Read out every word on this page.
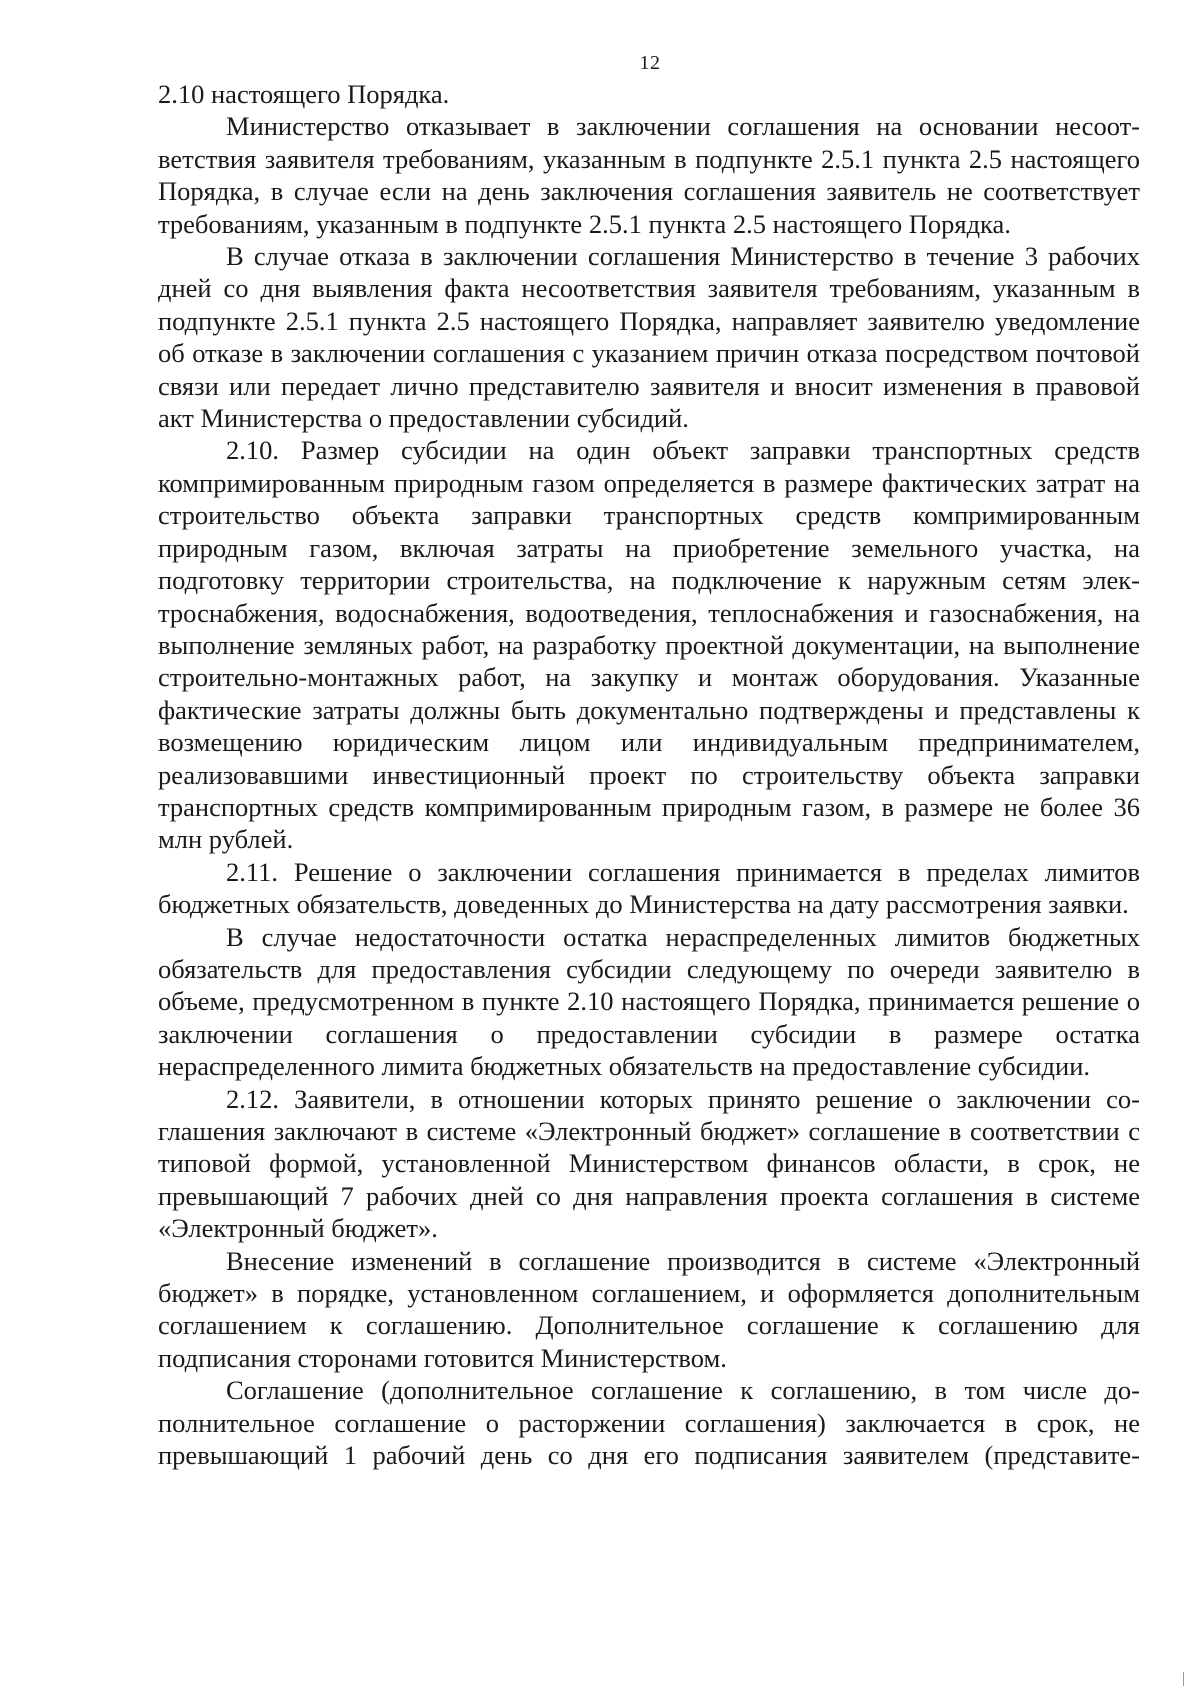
12

2.10 настоящего Порядка.

Министерство отказывает в заключении соглашения на основании несоответствия заявителя требованиям, указанным в подпункте 2.5.1 пункта 2.5 настоящего Порядка, в случае если на день заключения соглашения заявитель не соответствует требованиям, указанным в подпункте 2.5.1 пункта 2.5 настоящего Порядка.

В случае отказа в заключении соглашения Министерство в течение 3 рабочих дней со дня выявления факта несоответствия заявителя требованиям, указанным в подпункте 2.5.1 пункта 2.5 настоящего Порядка, направляет заявителю уведомление об отказе в заключении соглашения с указанием причин отказа посредством почтовой связи или передает лично представителю заявителя и вносит изменения в правовой акт Министерства о предоставлении субсидий.

2.10. Размер субсидии на один объект заправки транспортных средств компримированным природным газом определяется в размере фактических затрат на строительство объекта заправки транспортных средств компримированным природным газом, включая затраты на приобретение земельного участка, на подготовку территории строительства, на подключение к наружным сетям электроснабжения, водоснабжения, водоотведения, теплоснабжения и газоснабжения, на выполнение земляных работ, на разработку проектной документации, на выполнение строительно-монтажных работ, на закупку и монтаж оборудования. Указанные фактические затраты должны быть документально подтверждены и представлены к возмещению юридическим лицом или индивидуальным предпринимателем, реализовавшими инвестиционный проект по строительству объекта заправки транспортных средств компримированным природным газом, в размере не более 36 млн рублей.

2.11. Решение о заключении соглашения принимается в пределах лимитов бюджетных обязательств, доведенных до Министерства на дату рассмотрения заявки.

В случае недостаточности остатка нераспределенных лимитов бюджетных обязательств для предоставления субсидии следующему по очереди заявителю в объеме, предусмотренном в пункте 2.10 настоящего Порядка, принимается решение о заключении соглашения о предоставлении субсидии в размере остатка нераспределенного лимита бюджетных обязательств на предоставление субсидии.

2.12. Заявители, в отношении которых принято решение о заключении соглашения заключают в системе «Электронный бюджет» соглашение в соответствии с типовой формой, установленной Министерством финансов области, в срок, не превышающий 7 рабочих дней со дня направления проекта соглашения в системе «Электронный бюджет».

Внесение изменений в соглашение производится в системе «Электронный бюджет» в порядке, установленном соглашением, и оформляется дополнительным соглашением к соглашению. Дополнительное соглашение к соглашению для подписания сторонами готовится Министерством.

Соглашение (дополнительное соглашение к соглашению, в том числе дополнительное соглашение о расторжении соглашения) заключается в срок, не превышающий 1 рабочий день со дня его подписания заявителем (представите-
